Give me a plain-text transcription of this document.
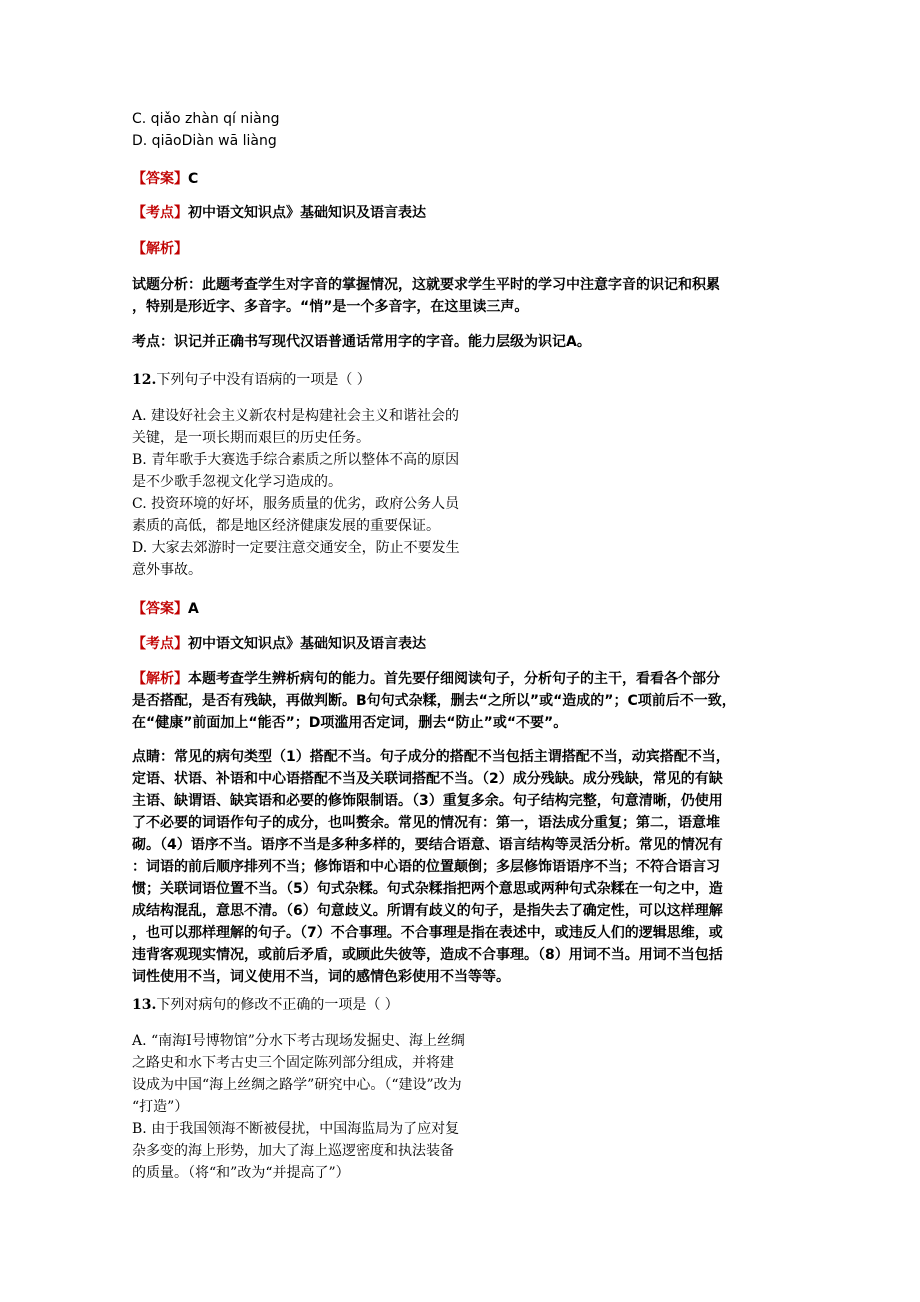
C. qiǎo zhàn qí niàng
D. qiāoDiàn wā liàng
【答案】C
【考点】初中语文知识点》基础知识及语言表达
【解析】
试题分析：此题考查学生对字音的掌握情况，这就要求学生平时的学习中注意字音的识记和积累
，特别是形近字、多音字。“悄”是一个多音字，在这里读三声。
考点：识记并正确书写现代汉语普通话常用字的字音。能力层级为识记A。
12.下列句子中没有语病的一项是（ ）
A. 建设好社会主义新农村是构建社会主义和谐社会的
关键，是一项长期而艰巨的历史任务。
B. 青年歌手大赛选手综合素质之所以整体不高的原因
是不少歌手忽视文化学习造成的。
C. 投资环境的好坏，服务质量的优劣，政府公务人员
素质的高低，都是地区经济健康发展的重要保证。
D. 大家去郊游时一定要注意交通安全，防止不要发生
意外事故。
【答案】A
【考点】初中语文知识点》基础知识及语言表达
【解析】本题考查学生辨析病句的能力。首先要仔细阅读句子，分析句子的主干，看看各个部分
是否搭配，是否有残缺，再做判断。B句句式杂糅，删去“之所以”或“造成的”；C项前后不一致，
在“健康”前面加上“能否”；D项滥用否定词，删去“防止”或“不要”。
点睛：常见的病句类型（1）搭配不当。句子成分的搭配不当包括主谓搭配不当，动宾搭配不当，
定语、状语、补语和中心语搭配不当及关联词搭配不当。（2）成分残缺。成分残缺，常见的有缺
主语、缺谓语、缺宾语和必要的修饰限制语。（3）重复多余。句子结构完整，句意清晰，仍使用
了不必要的词语作句子的成分，也叫赘余。常见的情况有：第一，语法成分重复；第二，语意堆
砌。（4）语序不当。语序不当是多种多样的，要结合语意、语言结构等灵活分析。常见的情况有
：词语的前后顺序排列不当；修饰语和中心语的位置颠倒；多层修饰语语序不当；不符合语言习
惯；关联词语位置不当。（5）句式杂糅。句式杂糅指把两个意思或两种句式杂糅在一句之中，造
成结构混乱，意思不清。（6）句意歧义。所谓有歧义的句子，是指失去了确定性，可以这样理解
，也可以那样理解的句子。（7）不合事理。不合事理是指在表述中，或违反人们的逻辑思维，或
违背客观现实情况，或前后矛盾，或顾此失彼等，造成不合事理。（8）用词不当。用词不当包括
词性使用不当，词义使用不当，词的感情色彩使用不当等等。
13.下列对病句的修改不正确的一项是（ ）
A. “南海I号博物馆”分水下考古现场发掘史、海上丝绸
之路史和水下考古史三个固定陈列部分组成，并将建
设成为中国“海上丝绸之路学”研究中心。（“建设”改为
“打造”）
B. 由于我国领海不断被侵扰，中国海监局为了应对复
杂多变的海上形势，加大了海上巡逻密度和执法装备
的质量。（将“和”改为“并提高了”）
